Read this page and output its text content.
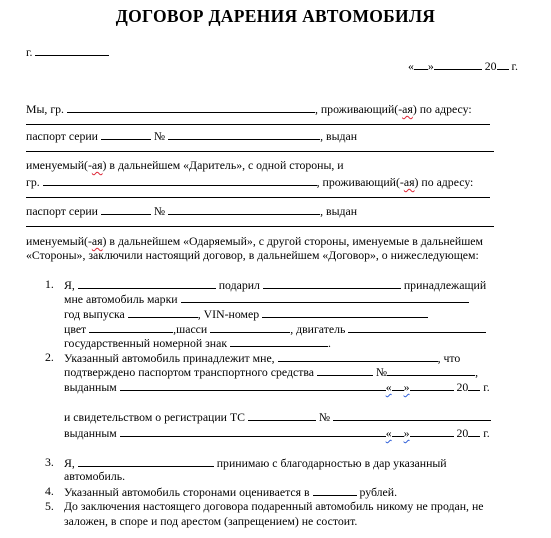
ДОГОВОР ДАРЕНИЯ АВТОМОБИЛЯ
г.
« »	20 г.
Мы, гр.	, проживающий(-ая) по адресу:
паспорт серии	№	, выдан
именуемый(-ая) в дальнейшем «Даритель», с одной стороны, и
гр.	, проживающий(-ая) по адресу:
паспорт серии	№	, выдан
именуемый(-ая) в дальнейшем «Одаряемый», с другой стороны, именуемые в дальнейшем
«Стороны», заключили настоящий договор, в дальнейшем «Договор», о нижеследующем:
1. Я,	подарил	принадлежащий
мне автомобиль марки
год выпуска	, VIN-номер
цвет	,шасси	, двигатель
государственный номерной знак	.
2. Указанный автомобиль принадлежит мне,	, что
подтверждено паспортом транспортного средства	№	,
выданным	« »	20 г.
и свидетельством о регистрации ТС	№
выданным	« »	20 г.
3. Я,	принимаю с благодарностью в дар указанный
автомобиль.
4. Указанный автомобиль сторонами оценивается в	рублей.
5. До заключения настоящего договора подаренный автомобиль никому не продан, не
заложен, в споре и под арестом (запрещением) не состоит.
